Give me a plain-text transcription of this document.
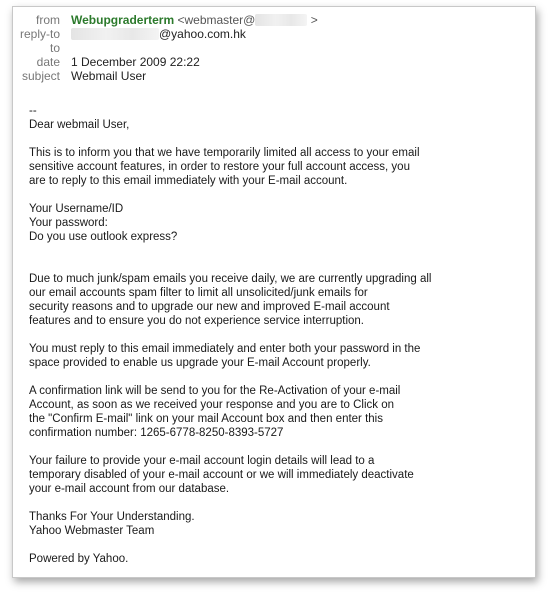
from Webupgraderterm <webmaster@	>
reply-to	@yahoo.com.hk
to
date 1 December 2009 22:22
subject Webmail User

--

Dear webmail User,

This is to inform you that we have temporarily limited all access to your email

sensitive account features, in order to restore your full account access, you

are to reply to this email immediately with your E-mail account.

Your Username/ID

Your password:

Do you use outlook express?

Due to much junk/spam emails you receive daily, we are currently upgrading all

our email accounts spam filter to limit all unsolicited/junk emails for

security reasons and to upgrade our new and improved E-mail account

features and to ensure you do not experience service interruption.

You must reply to this email immediately and enter both your password in the

space provided to enable us upgrade your E-mail Account properly.

A confirmation link will be send to you for the Re-Activation of your e-mail

Account, as soon as we received your response and you are to Click on

the "Confirm E-mail" link on your mail Account box and then enter this

confirmation number: 1265-6778-8250-8393-5727

Your failure to provide your e-mail account login details will lead to a

temporary disabled of your e-mail account or we will immediately deactivate

your e-mail account from our database.

Thanks For Your Understanding.

Yahoo Webmaster Team

Powered by Yahoo.
